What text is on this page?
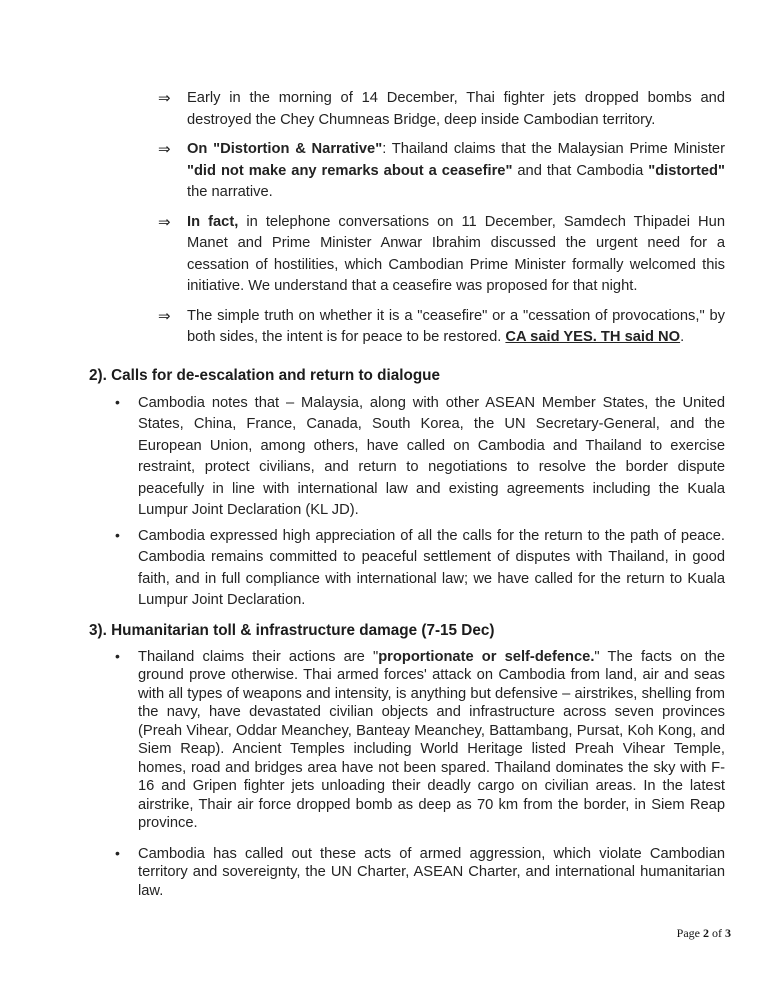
⇒ Early in the morning of 14 December, Thai fighter jets dropped bombs and destroyed the Chey Chumneas Bridge, deep inside Cambodian territory.
⇒ On "Distortion & Narrative": Thailand claims that the Malaysian Prime Minister "did not make any remarks about a ceasefire" and that Cambodia "distorted" the narrative.
⇒ In fact, in telephone conversations on 11 December, Samdech Thipadei Hun Manet and Prime Minister Anwar Ibrahim discussed the urgent need for a cessation of hostilities, which Cambodian Prime Minister formally welcomed this initiative. We understand that a ceasefire was proposed for that night.
⇒ The simple truth on whether it is a "ceasefire" or a "cessation of provocations," by both sides, the intent is for peace to be restored. CA said YES. TH said NO.
2). Calls for de-escalation and return to dialogue
• Cambodia notes that – Malaysia, along with other ASEAN Member States, the United States, China, France, Canada, South Korea, the UN Secretary-General, and the European Union, among others, have called on Cambodia and Thailand to exercise restraint, protect civilians, and return to negotiations to resolve the border dispute peacefully in line with international law and existing agreements including the Kuala Lumpur Joint Declaration (KL JD).
• Cambodia expressed high appreciation of all the calls for the return to the path of peace. Cambodia remains committed to peaceful settlement of disputes with Thailand, in good faith, and in full compliance with international law; we have called for the return to Kuala Lumpur Joint Declaration.
3). Humanitarian toll & infrastructure damage (7-15 Dec)
• Thailand claims their actions are "proportionate or self-defence." The facts on the ground prove otherwise. Thai armed forces' attack on Cambodia from land, air and seas with all types of weapons and intensity, is anything but defensive – airstrikes, shelling from the navy, have devastated civilian objects and infrastructure across seven provinces (Preah Vihear, Oddar Meanchey, Banteay Meanchey, Battambang, Pursat, Koh Kong, and Siem Reap). Ancient Temples including World Heritage listed Preah Vihear Temple, homes, road and bridges area have not been spared. Thailand dominates the sky with F-16 and Gripen fighter jets unloading their deadly cargo on civilian areas. In the latest airstrike, Thair air force dropped bomb as deep as 70 km from the border, in Siem Reap province.
• Cambodia has called out these acts of armed aggression, which violate Cambodian territory and sovereignty, the UN Charter, ASEAN Charter, and international humanitarian law.
Page 2 of 3
